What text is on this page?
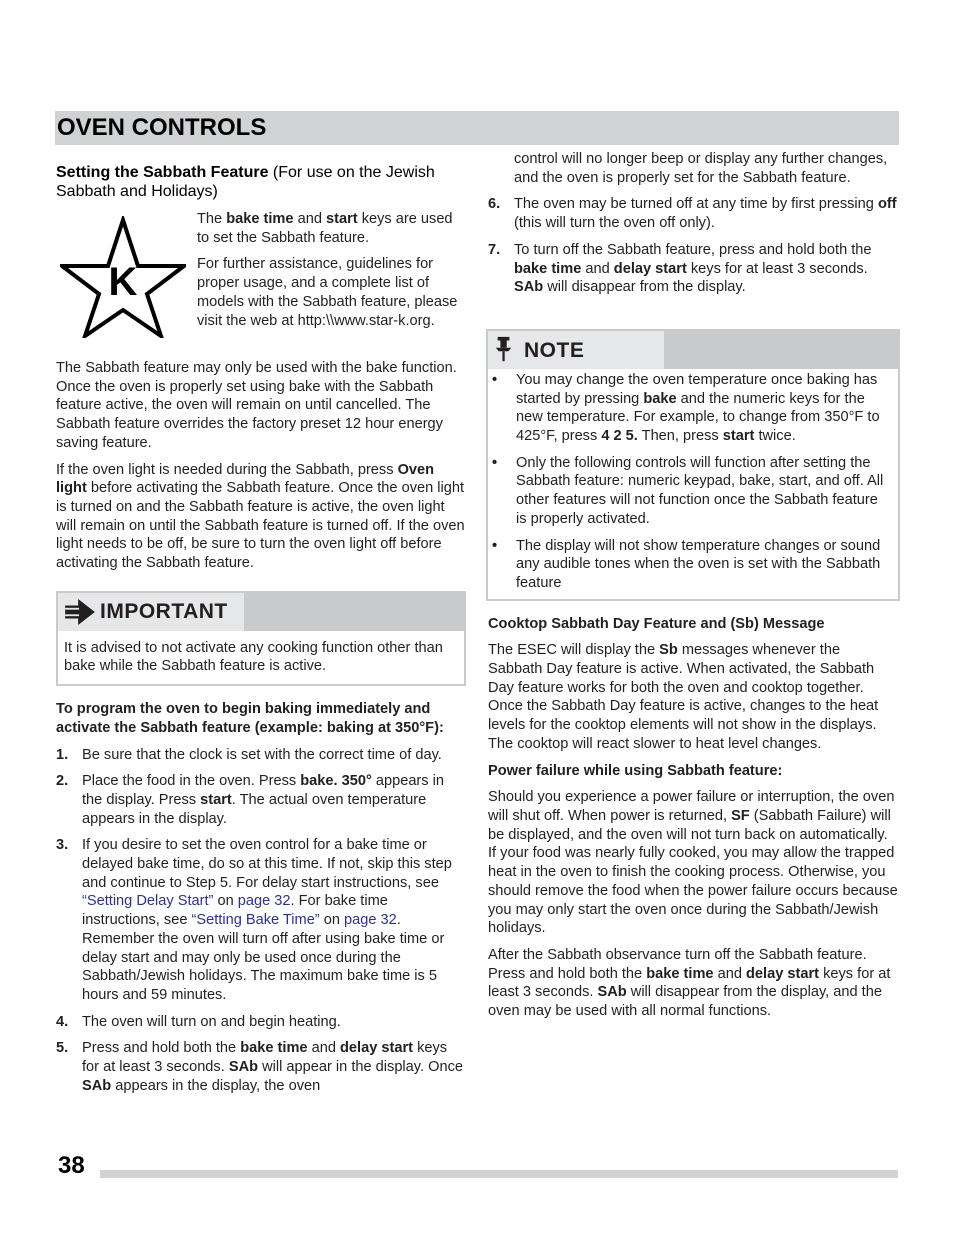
OVEN CONTROLS
Setting the Sabbath Feature (For use on the Jewish Sabbath and Holidays)
K

The bake time and start keys are used to set the Sabbath feature.

For further assistance, guidelines for proper usage, and a complete list of models with the Sabbath feature, please visit the web at http:\\www.star-k.org.

The Sabbath feature may only be used with the bake function. Once the oven is properly set using bake with the Sabbath feature active, the oven will remain on until cancelled. The Sabbath feature overrides the factory preset 12 hour energy saving feature.

If the oven light is needed during the Sabbath, press Oven light before activating the Sabbath feature. Once the oven light is turned on and the Sabbath feature is active, the oven light will remain on until the Sabbath feature is turned off. If the oven light needs to be off, be sure to turn the oven light off before activating the Sabbath feature.

IMPORTANT
It is advised to not activate any cooking function other than bake while the Sabbath feature is active.

To program the oven to begin baking immediately and activate the Sabbath feature (example: baking at 350°F):

1. Be sure that the clock is set with the correct time of day.
2. Place the food in the oven. Press bake. 350° appears in the display. Press start. The actual oven temperature appears in the display.
3. If you desire to set the oven control for a bake time or delayed bake time, do so at this time. If not, skip this step and continue to Step 5. For delay start instructions, see “Setting Delay Start” on page 32. For bake time instructions, see “Setting Bake Time” on page 32. Remember the oven will turn off after using bake time or delay start and may only be used once during the Sabbath/Jewish holidays. The maximum bake time is 5 hours and 59 minutes.
4. The oven will turn on and begin heating.
5. Press and hold both the bake time and delay start keys for at least 3 seconds. SAb will appear in the display. Once SAb appears in the display, the oven
control will no longer beep or display any further changes, and the oven is properly set for the Sabbath feature.
6. The oven may be turned off at any time by first pressing off (this will turn the oven off only).
7. To turn off the Sabbath feature, press and hold both the bake time and delay start keys for at least 3 seconds. SAb will disappear from the display.
NOTE
• You may change the oven temperature once baking has started by pressing bake and the numeric keys for the new temperature. For example, to change from 350°F to 425°F, press 4 2 5. Then, press start twice.
• Only the following controls will function after setting the Sabbath feature: numeric keypad, bake, start, and off. All other features will not function once the Sabbath feature is properly activated.
• The display will not show temperature changes or sound any audible tones when the oven is set with the Sabbath feature

Cooktop Sabbath Day Feature and (Sb) Message

The ESEC will display the Sb messages whenever the Sabbath Day feature is active. When activated, the Sabbath Day feature works for both the oven and cooktop together. Once the Sabbath Day feature is active, changes to the heat levels for the cooktop elements will not show in the displays. The cooktop will react slower to heat level changes.

Power failure while using Sabbath feature:

Should you experience a power failure or interruption, the oven will shut off. When power is returned, SF (Sabbath Failure) will be displayed, and the oven will not turn back on automatically. If your food was nearly fully cooked, you may allow the trapped heat in the oven to finish the cooking process. Otherwise, you should remove the food when the power failure occurs because you may only start the oven once during the Sabbath/Jewish holidays.

After the Sabbath observance turn off the Sabbath feature. Press and hold both the bake time and delay start keys for at least 3 seconds. SAb will disappear from the display, and the oven may be used with all normal functions.

38
